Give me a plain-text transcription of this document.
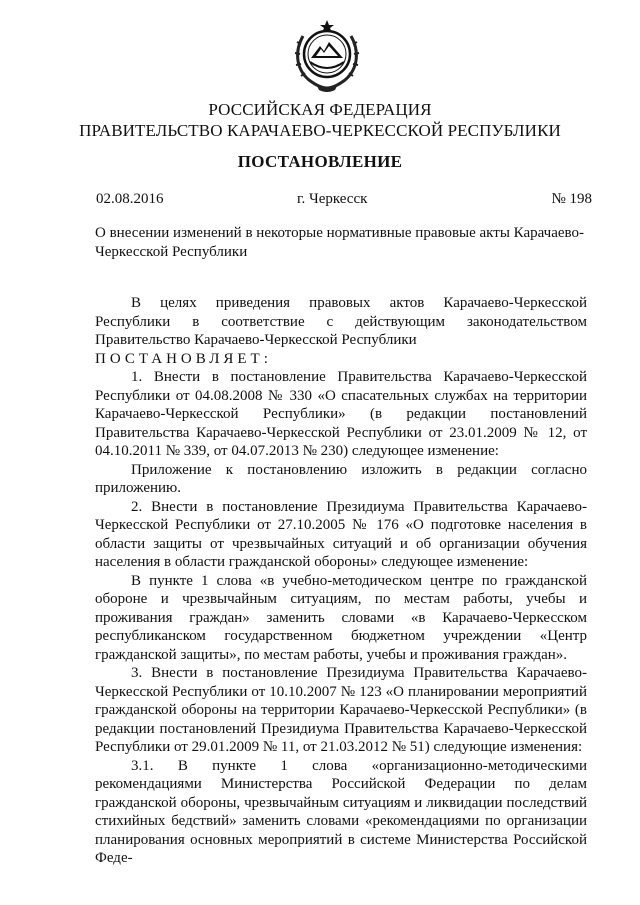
РОССИЙСКАЯ ФЕДЕРАЦИЯ
ПРАВИТЕЛЬСТВО КАРАЧАЕВО-ЧЕРКЕССКОЙ РЕСПУБЛИКИ
ПОСТАНОВЛЕНИЕ
02.08.2016	г. Черкесск	№ 198
О внесении изменений в некоторые нормативные правовые акты Карачаево-Черкесской Республики

В целях приведения правовых актов Карачаево-Черкесской Республики в соответствие с действующим законодательством Правительство Карачаево-Черкесской Республики

ПОСТАНОВЛЯЕТ:

1. Внести в постановление Правительства Карачаево-Черкесской Республики от 04.08.2008 № 330 «О спасательных службах на территории Карачаево-Черкесской Республики» (в редакции постановлений Правительства Карачаево-Черкесской Республики от 23.01.2009 № 12, от 04.10.2011 № 339, от 04.07.2013 № 230) следующее изменение:

Приложение к постановлению изложить в редакции согласно приложению.

2. Внести в постановление Президиума Правительства Карачаево-Черкесской Республики от 27.10.2005 № 176 «О подготовке населения в области защиты от чрезвычайных ситуаций и об организации обучения населения в области гражданской обороны» следующее изменение:

В пункте 1 слова «в учебно-методическом центре по гражданской обороне и чрезвычайным ситуациям, по местам работы, учебы и проживания граждан» заменить словами «в Карачаево-Черкесском республиканском государственном бюджетном учреждении «Центр гражданской защиты», по местам работы, учебы и проживания граждан».

3. Внести в постановление Президиума Правительства Карачаево-Черкесской Республики от 10.10.2007 № 123 «О планировании мероприятий гражданской обороны на территории Карачаево-Черкесской Республики» (в редакции постановлений Президиума Правительства Карачаево-Черкесской Республики от 29.01.2009 № 11, от 21.03.2012 № 51) следующие изменения:

3.1. В пункте 1 слова «организационно-методическими рекомендациями Министерства Российской Федерации по делам гражданской обороны, чрезвычайным ситуациям и ликвидации последствий стихийных бедствий» заменить словами «рекомендациями по организации планирования основных мероприятий в системе Министерства Российской Феде-
